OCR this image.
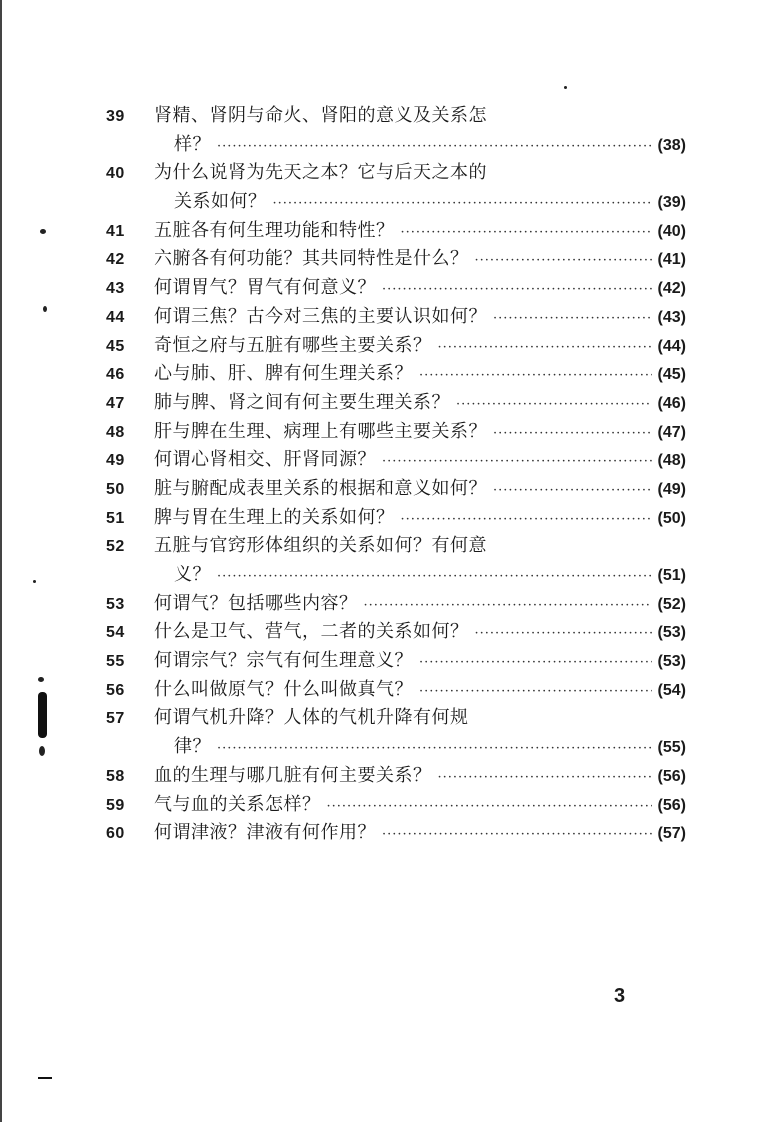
39	肾精、肾阴与命火、肾阳的意义及关系怎
样？ ·····	(38)
40	为什么说肾为先天之本？它与后天之本的
关系如何？ ·····	(39)
41	五脏各有何生理功能和特性？ ·····	(40)
42	六腑各有何功能？其共同特性是什么？ ·····	(41)
43	何谓胃气？胃气有何意义？ ·····	(42)
44	何谓三焦？古今对三焦的主要认识如何？ ·····	(43)
45	奇恒之府与五脏有哪些主要关系？ ·····	(44)
46	心与肺、肝、脾有何生理关系？ ·····	(45)
47	肺与脾、肾之间有何主要生理关系？ ·····	(46)
48	肝与脾在生理、病理上有哪些主要关系？ ·····	(47)
49	何谓心肾相交、肝肾同源？ ·····	(48)
50	脏与腑配成表里关系的根据和意义如何？ ·····	(49)
51	脾与胃在生理上的关系如何？ ·····	(50)
52	五脏与官窍形体组织的关系如何？有何意
义？ ·····	(51)
53	何谓气？包括哪些内容？ ·····	(52)
54	什么是卫气、营气，二者的关系如何？ ·····	(53)
55	何谓宗气？宗气有何生理意义？ ·····	(53)
56	什么叫做原气？什么叫做真气？ ·····	(54)
57	何谓气机升降？人体的气机升降有何规
律？ ·····	(55)
58	血的生理与哪几脏有何主要关系？ ·····	(56)
59	气与血的关系怎样？ ·····	(56)
60	何谓津液？津液有何作用？ ·····	(57)
3
